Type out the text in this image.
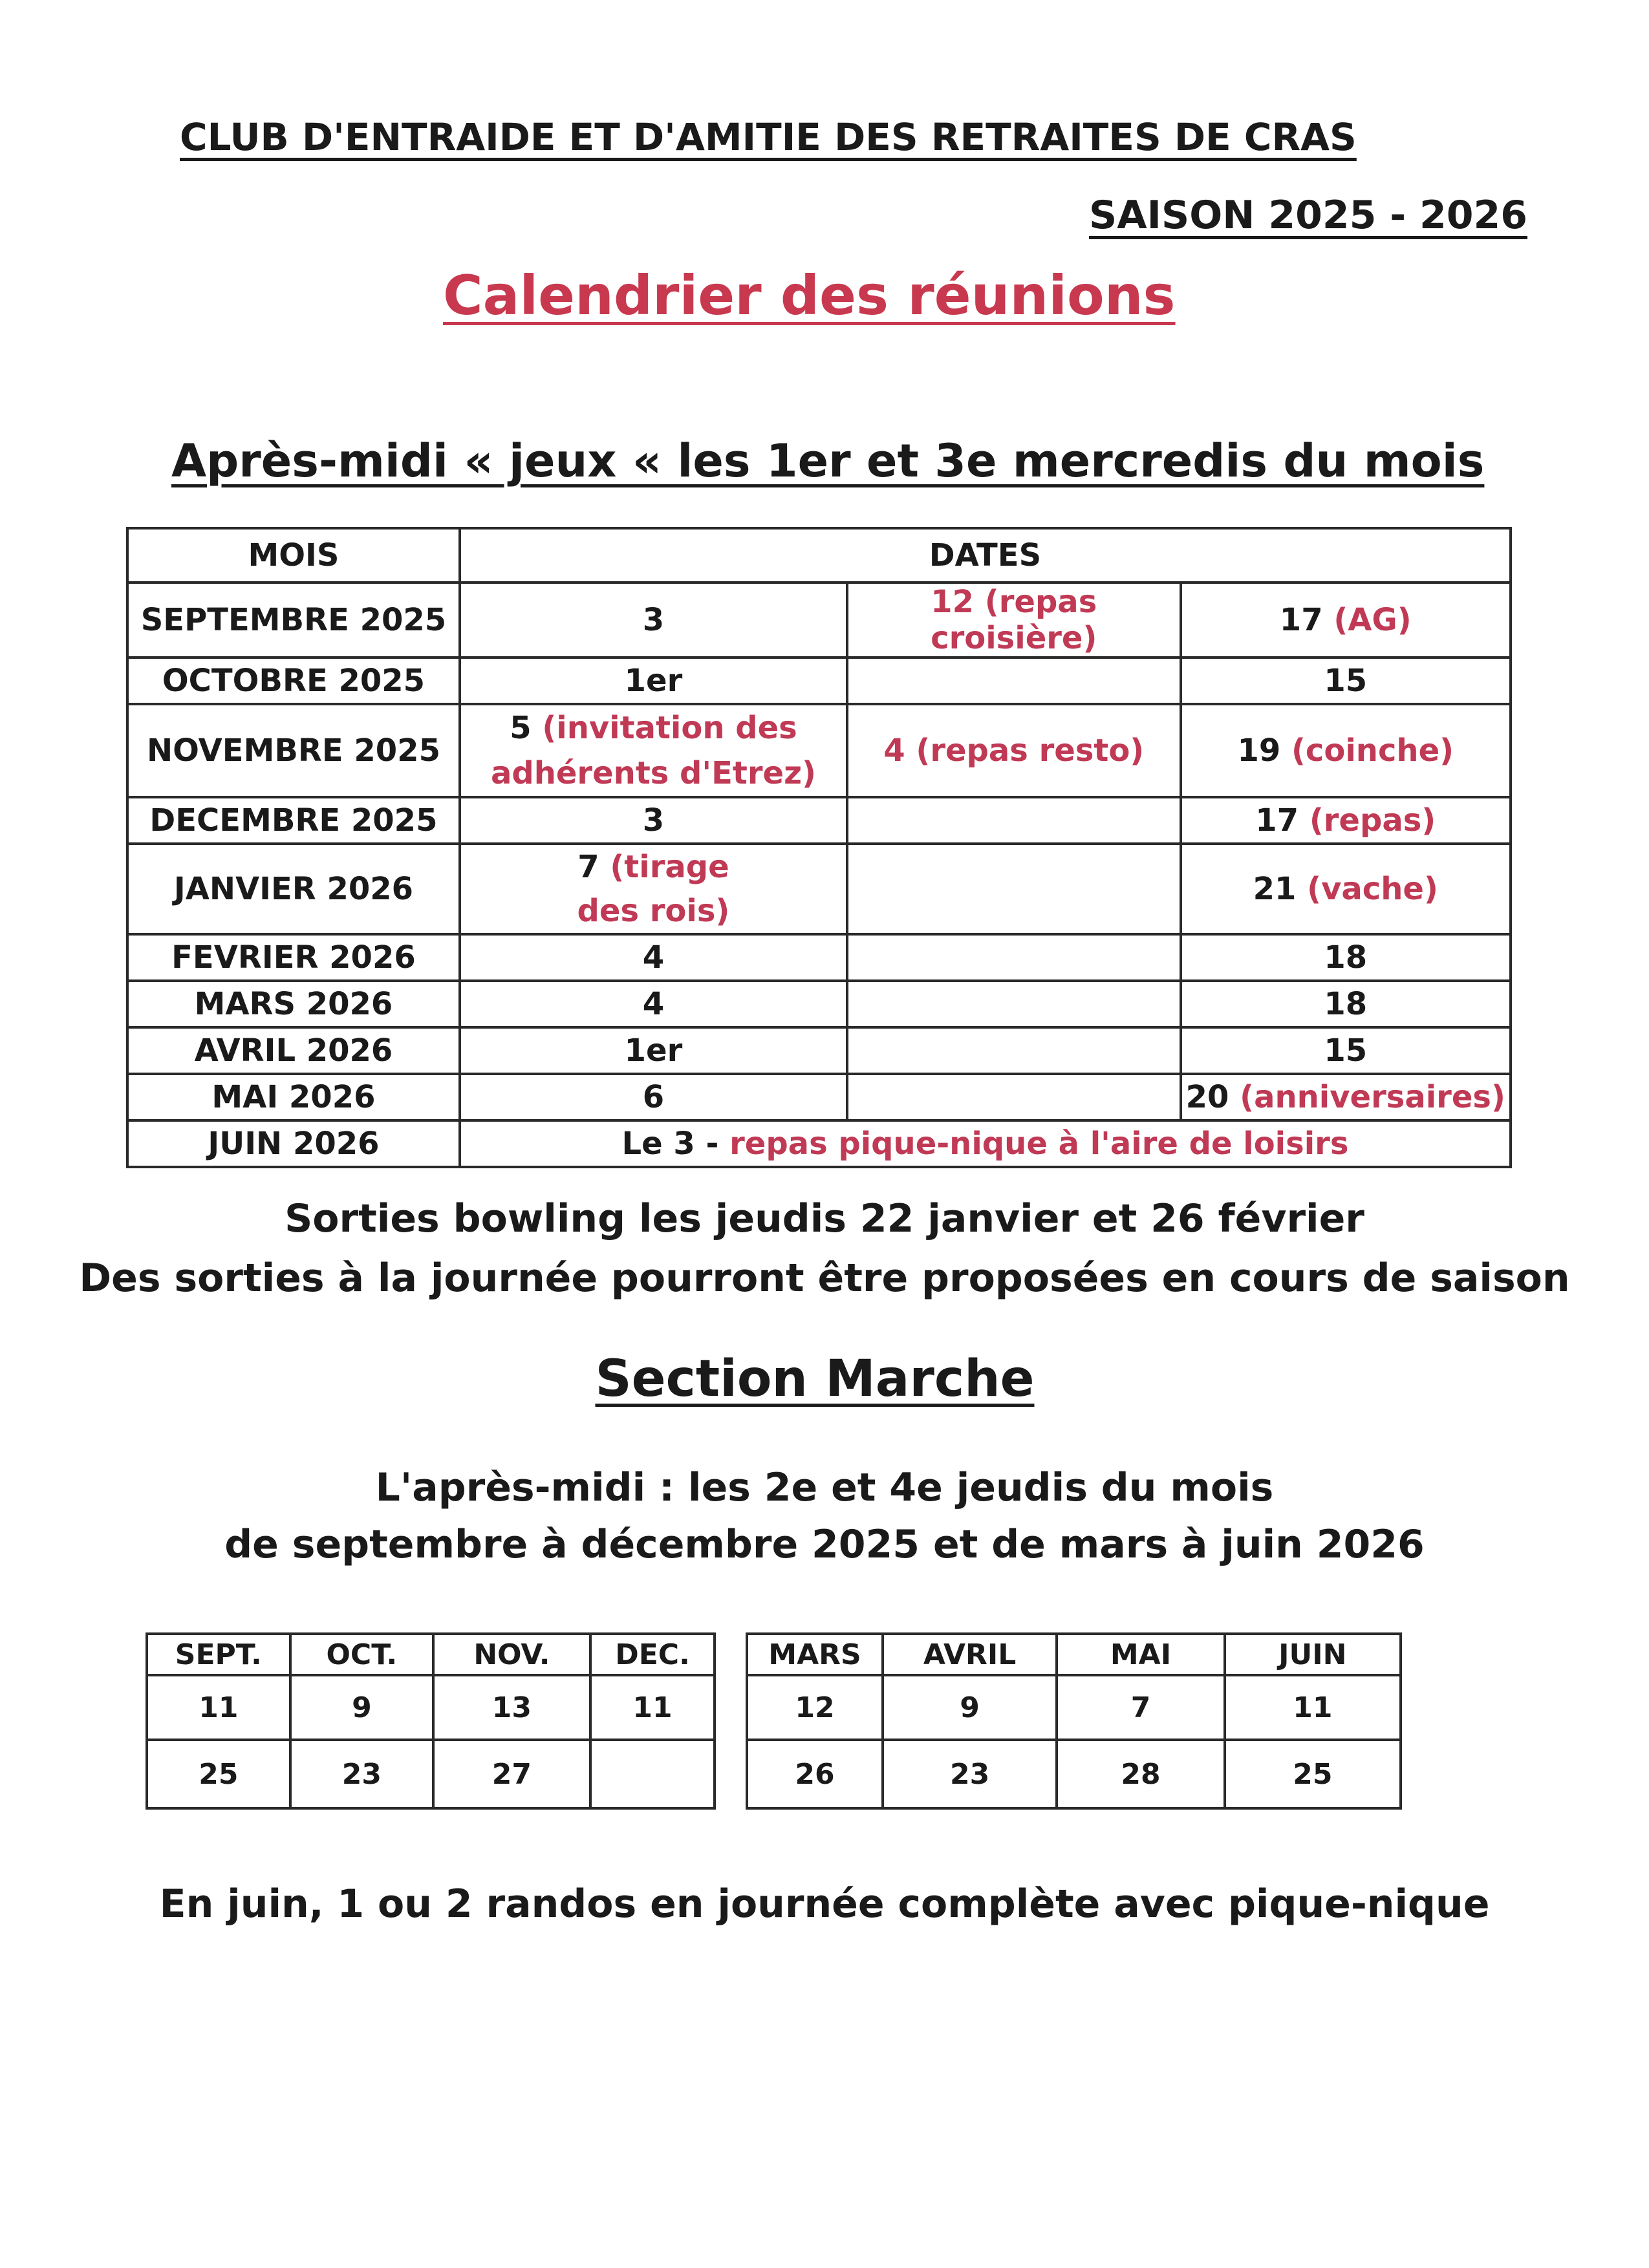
CLUB D'ENTRAIDE ET D'AMITIE DES RETRAITES DE CRAS
SAISON 2025 - 2026
Calendrier des réunions
Après-midi « jeux « les 1er et 3e mercredis du mois
MOIS	DATES		
SEPTEMBRE 2025	3	12 (repas croisière)	17 (AG)
OCTOBRE 2025	1er		15
NOVEMBRE 2025	5 (invitation des adhérents d'Etrez)	4 (repas resto)	19 (coinche)
DECEMBRE 2025	3		17 (repas)
JANVIER 2026	7 (tirage des rois)		21 (vache)
FEVRIER 2026	4		18
MARS 2026	4		18
AVRIL 2026	1er		15
MAI 2026	6		20 (anniversaires)
JUIN 2026	Le 3 - repas pique-nique à l'aire de loisirs		
Sorties bowling les jeudis 22 janvier et 26 février
Des sorties à la journée pourront être proposées en cours de saison
Section Marche
L'après-midi : les 2e et 4e jeudis du mois
de septembre à décembre 2025 et de mars à juin 2026
SEPT.	OCT.	NOV.	DEC.		MARS	AVRIL	MAI	JUIN
11	9	13	11		12	9	7	11
25	23	27			26	23	28	25
En juin, 1 ou 2 randos en journée complète avec pique-nique
